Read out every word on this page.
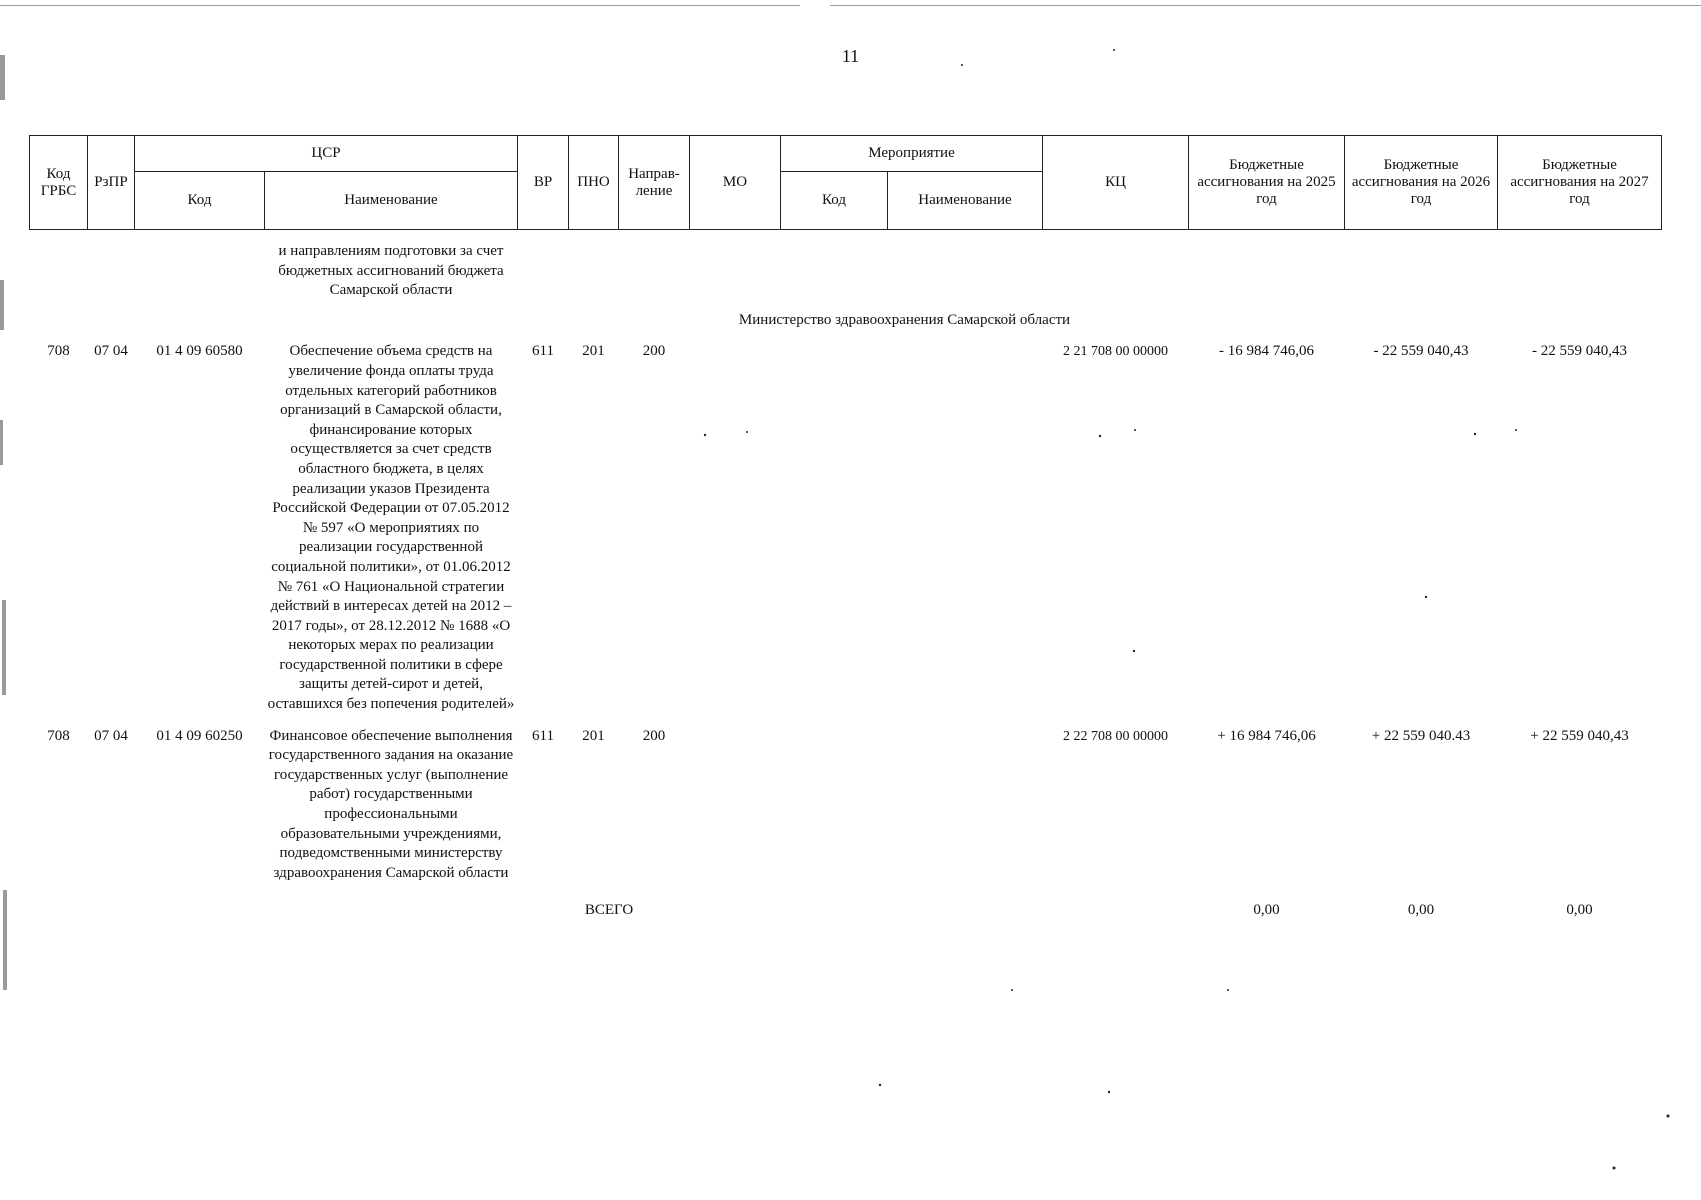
11
Код ГРБС	РзПР	ЦСР		ВР	ПНО	Направ-ление	МО	Мероприятие		КЦ	Бюджетные ассигнования на 2025 год	Бюджетные ассигнования на 2026 год	Бюджетные ассигнования на 2027 год
		Код	Наименование					Код	Наименование				

			и направлениям подготовки за счет бюджетных ассигнований бюджета Самарской области										
Министерство здравоохранения Самарской области													
708	07 04	01 4 09 60580	Обеспечение объема средств на увеличение фонда оплаты труда отдельных категорий работников организаций в Самарской области, финансирование которых осуществляется за счет средств областного бюджета, в целях реализации указов Президента Российской Федерации от 07.05.2012 № 597 «О мероприятиях по реализации государственной социальной политики», от 01.06.2012 № 761 «О Национальной стратегии действий в интересах детей на 2012 – 2017 годы», от 28.12.2012 № 1688 «О некоторых мерах по реализации государственной политики в сфере защиты детей-сирот и детей, оставшихся без попечения родителей»	611	201	200				2 21 708 00 00000	- 16 984 746,06	- 22 559 040,43	- 22 559 040,43
708	07 04	01 4 09 60250	Финансовое обеспечение выполнения государственного задания на оказание государственных услуг (выполнение работ) государственными профессиональными образовательными учреждениями, подведомственными министерству здравоохранения Самарской области	611	201	200				2 22 708 00 00000	+ 16 984 746,06	+ 22 559 040.43	+ 22 559 040,43
ВСЕГО											0,00	0,00	0,00
